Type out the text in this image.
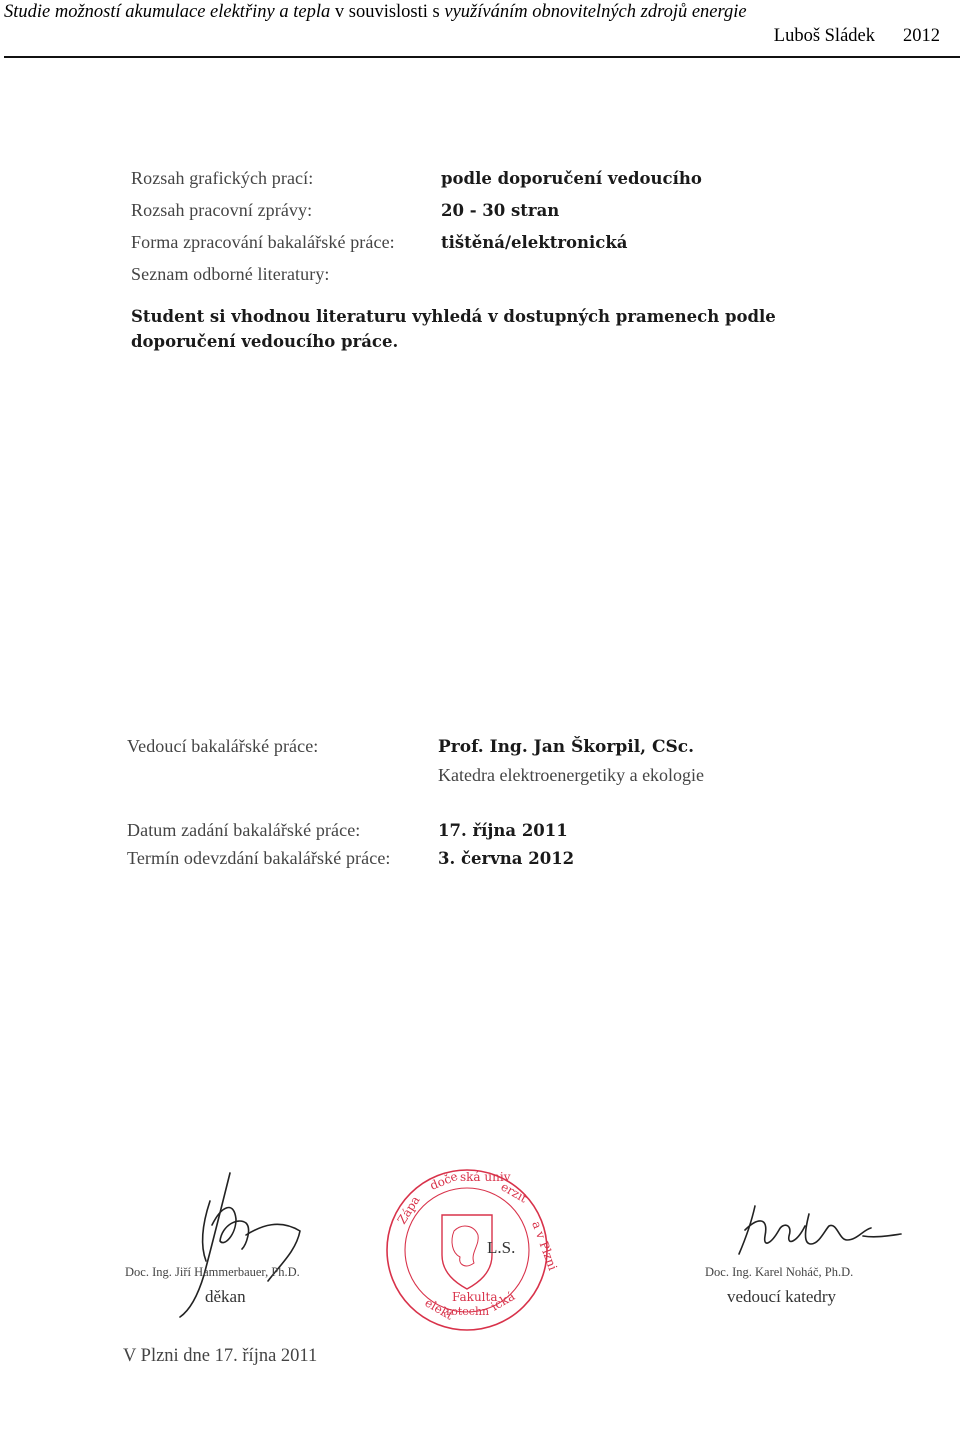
Studie možností akumulace elektřiny a tepla v souvislosti s využíváním obnovitelných zdrojů energie
Luboš Sládek 2012
Rozsah grafických prací:	podle doporučení vedoucího
Rozsah pracovní zprávy:	20 - 30 stran
Forma zpracování bakalářské práce:	tištěná/elektronická
Seznam odborné literatury:
Student si vhodnou literaturu vyhledá v dostupných pramenech podle doporučení vedoucího práce.
Vedoucí bakalářské práce:	Prof. Ing. Jan Škorpil, CSc.
Katedra elektroenergetiky a ekologie
Datum zadání bakalářské práce:	17. října 2011
Termín odevzdání bakalářské práce:	3. června 2012
Zápa
doče ská univ
erzit
a v Plzni
elekt
rotechn ická
Fakulta
L.S.
Doc. Ing. Jiří Hammerbauer, Ph.D.
děkan
Doc. Ing. Karel Noháč, Ph.D.
vedoucí katedry
V Plzni dne 17. října 2011
